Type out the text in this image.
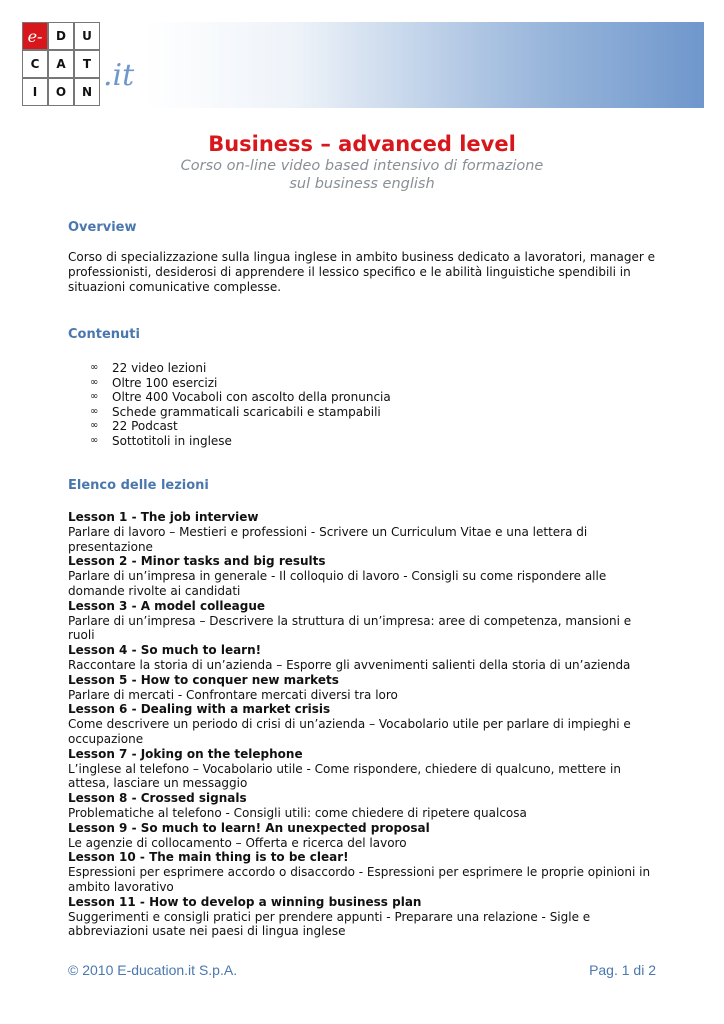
e-	D	U
C	A	T
I	O	N .it
Business – advanced level
Corso on-line video based intensivo di formazione
sul business english
Overview
Corso di specializzazione sulla lingua inglese in ambito business dedicato a lavoratori, manager e professionisti, desiderosi di apprendere il lessico specifico e le abilità linguistiche spendibili in situazioni comunicative complesse.
Contenuti
∞	22 video lezioni
∞	Oltre 100 esercizi
∞	Oltre 400 Vocaboli con ascolto della pronuncia
∞	Schede grammaticali scaricabili e stampabili
∞	22 Podcast
∞	Sottotitoli in inglese
Elenco delle lezioni
Lesson 1 - The job interview
Parlare di lavoro – Mestieri e professioni - Scrivere un Curriculum Vitae e una lettera di presentazione
Lesson 2 - Minor tasks and big results
Parlare di un’impresa in generale - Il colloquio di lavoro - Consigli su come rispondere alle domande rivolte ai candidati
Lesson 3 - A model colleague
Parlare di un’impresa – Descrivere la struttura di un’impresa: aree di competenza, mansioni e ruoli
Lesson 4 - So much to learn!
Raccontare la storia di un’azienda – Esporre gli avvenimenti salienti della storia di un’azienda
Lesson 5 - How to conquer new markets
Parlare di mercati - Confrontare mercati diversi tra loro
Lesson 6 - Dealing with a market crisis
Come descrivere un periodo di crisi di un’azienda – Vocabolario utile per parlare di impieghi e occupazione
Lesson 7 - Joking on the telephone
L’inglese al telefono – Vocabolario utile - Come rispondere, chiedere di qualcuno, mettere in attesa, lasciare un messaggio
Lesson 8 - Crossed signals
Problematiche al telefono - Consigli utili: come chiedere di ripetere qualcosa
Lesson 9 - So much to learn! An unexpected proposal
Le agenzie di collocamento – Offerta e ricerca del lavoro
Lesson 10 - The main thing is to be clear!
Espressioni per esprimere accordo o disaccordo - Espressioni per esprimere le proprie opinioni in ambito lavorativo
Lesson 11 - How to develop a winning business plan
Suggerimenti e consigli pratici per prendere appunti - Preparare una relazione - Sigle e abbreviazioni usate nei paesi di lingua inglese
© 2010 E-ducation.it S.p.A.	Pag. 1 di 2
